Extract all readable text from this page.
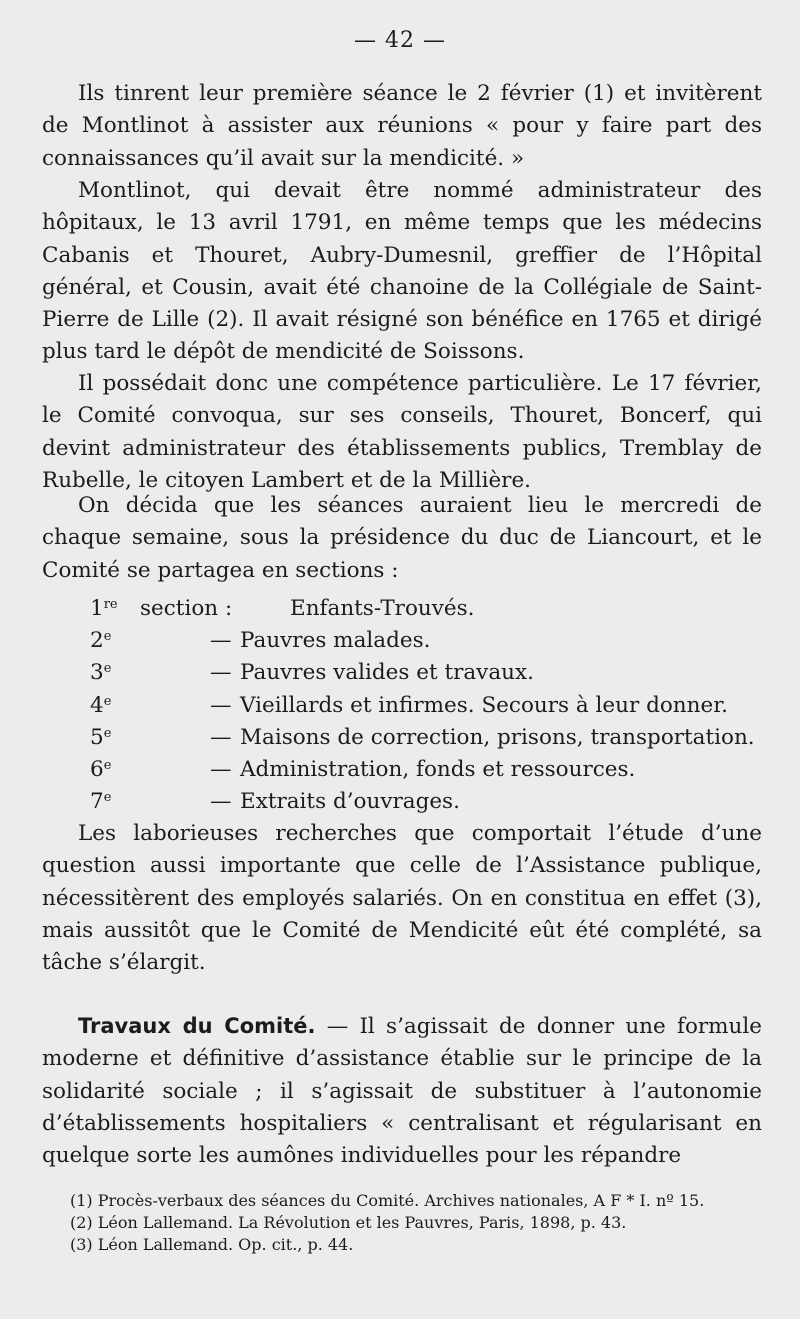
— 42 —

Ils tinrent leur première séance le 2 février (1) et invitèrent de Montlinot à assister aux réunions « pour y faire part des connaissances qu’il avait sur la mendicité. »

Montlinot, qui devait être nommé administrateur des hôpitaux, le 13 avril 1791, en même temps que les médecins Cabanis et Thouret, Aubry-Dumesnil, greffier de l’Hôpital général, et Cousin, avait été chanoine de la Collégiale de Saint-Pierre de Lille (2). Il avait résigné son bénéfice en 1765 et dirigé plus tard le dépôt de mendicité de Soissons.

Il possédait donc une compétence particulière. Le 17 février, le Comité convoqua, sur ses conseils, Thouret, Boncerf, qui devint administrateur des établissements publics, Tremblay de Rubelle, le citoyen Lambert et de la Millière.

On décida que les séances auraient lieu le mercredi de chaque semaine, sous la présidence du duc de Liancourt, et le Comité se partagea en sections :

1re	section :	Enfants-Trouvés.
2e	— Pauvres malades.
3e	— Pauvres valides et travaux.
4e	— Vieillards et infirmes. Secours à leur donner.
5e	— Maisons de correction, prisons, transportation.
6e	— Administration, fonds et ressources.
7e	— Extraits d’ouvrages.

Les laborieuses recherches que comportait l’étude d’une question aussi importante que celle de l’Assistance publique, nécessitèrent des employés salariés. On en constitua en effet (3), mais aussitôt que le Comité de Mendicité eût été complété, sa tâche s’élargit.

Travaux du Comité. — Il s’agissait de donner une formule moderne et définitive d’assistance établie sur le principe de la solidarité sociale ; il s’agissait de substituer à l’autonomie d’établissements hospitaliers « centralisant et régularisant en quelque sorte les aumônes individuelles pour les répandre

(1) Procès-verbaux des séances du Comité. Archives nationales, A F * I. nº 15.

(2) Léon Lallemand. La Révolution et les Pauvres, Paris, 1898, p. 43.

(3) Léon Lallemand. Op. cit., p. 44.
